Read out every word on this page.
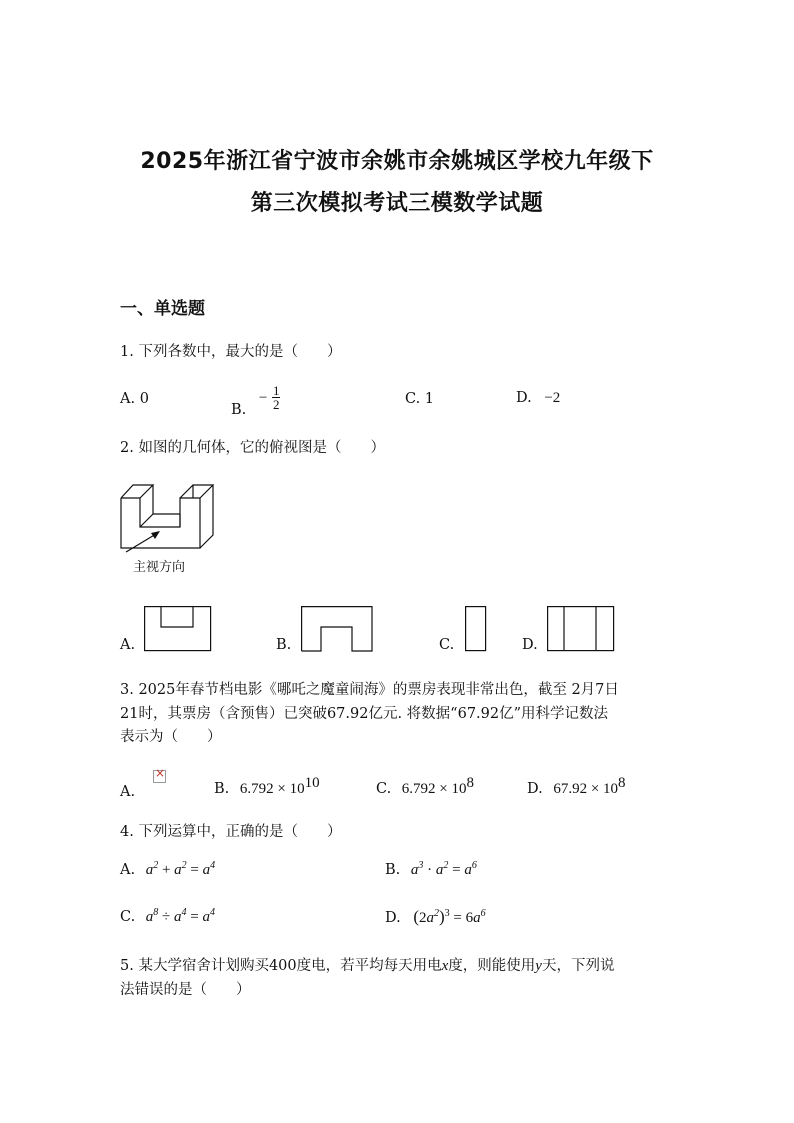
2025年浙江省宁波市余姚市余姚城区学校九年级下
第三次模拟考试三模数学试题
一、单选题
1. 下列各数中，最大的是（　　）
A. 0
B. − $\frac{1}{2}$	C. 1	D. −2
2. 如图的几何体，它的俯视图是（　　）
主视方向
A.	B.	C.	D.
3. 2025年春节档电影《哪吒之魔童闹海》的票房表现非常出色，截至 2月7日
21时，其票房（含预售）已突破67.92亿元. 将数据“67.92亿”用科学记数法
表示为（　　）
A.
×	B. $6.792 \times 10^{10}$	C. $6.792 \times 10^8$	D. $67.92 \times 10^8$
4. 下列运算中，正确的是（　　）
A. $a^2 + a^2 = a^4$	B. $a^3 \cdot a^2 = a^6$
C. $a^8 \div a^4 = a^4$	D. $(2a^2)^3 = 6a^6$
5. 某大学宿舍计划购买400度电，若平均每天用电x度，则能使用y天，下列说
法错误的是（　　）
